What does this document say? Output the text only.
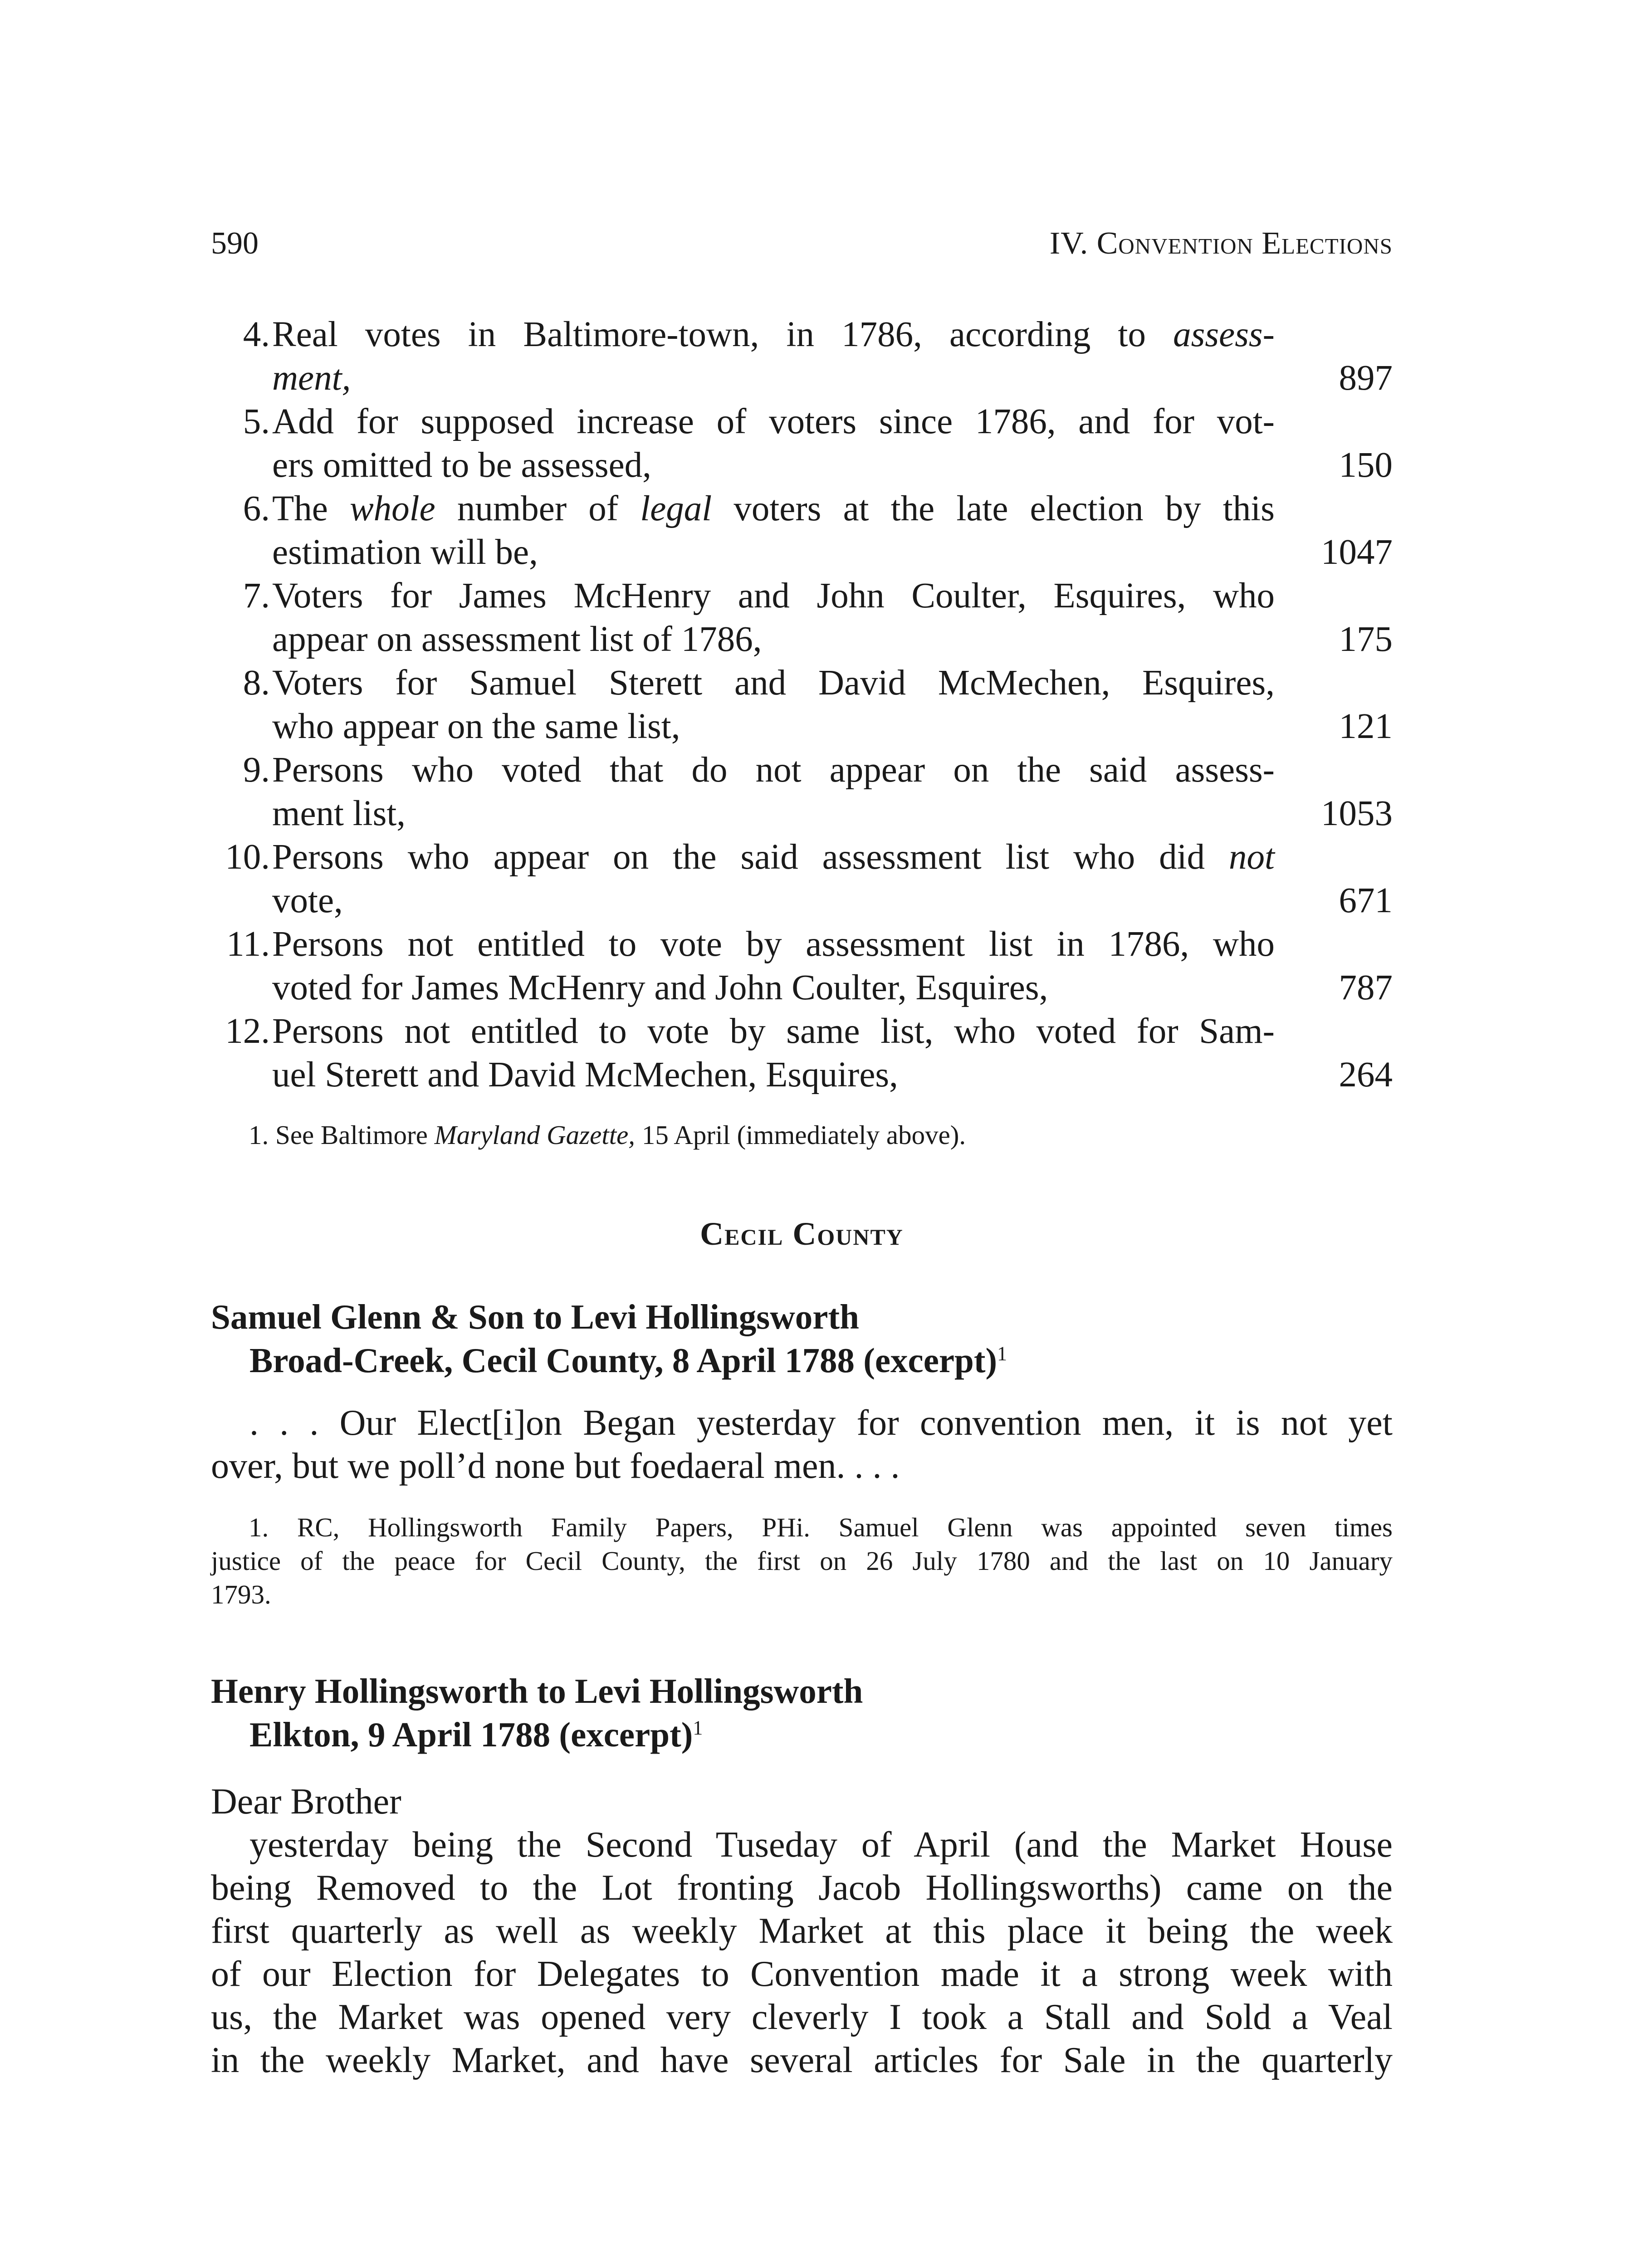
590	IV. Convention Elections
4. Real votes in Baltimore-town, in 1786, according to assess-
ment,	897
5. Add for supposed increase of voters since 1786, and for vot-
ers omitted to be assessed,	150
6. The whole number of legal voters at the late election by this
estimation will be,	1047
7. Voters for James McHenry and John Coulter, Esquires, who
appear on assessment list of 1786,	175
8. Voters for Samuel Sterett and David McMechen, Esquires,
who appear on the same list,	121
9. Persons who voted that do not appear on the said assess-
ment list,	1053
10. Persons who appear on the said assessment list who did not
vote,	671
11. Persons not entitled to vote by assessment list in 1786, who
voted for James McHenry and John Coulter, Esquires,	787
12. Persons not entitled to vote by same list, who voted for Sam-
uel Sterett and David McMechen, Esquires,	264
1. See Baltimore Maryland Gazette, 15 April (immediately above).
Cecil County
Samuel Glenn & Son to Levi Hollingsworth
Broad-Creek, Cecil County, 8 April 1788 (excerpt)$^1$
. . . Our Elect[i]on Began yesterday for convention men, it is not yet
over, but we poll’d none but foedaeral men. . . .
1. RC, Hollingsworth Family Papers, PHi. Samuel Glenn was appointed seven times
justice of the peace for Cecil County, the first on 26 July 1780 and the last on 10 January
1793.
Henry Hollingsworth to Levi Hollingsworth
Elkton, 9 April 1788 (excerpt)$^1$
Dear Brother
yesterday being the Second Tuseday of April (and the Market House
being Removed to the Lot fronting Jacob Hollingsworths) came on the
first quarterly as well as weekly Market at this place it being the week
of our Election for Delegates to Convention made it a strong week with
us, the Market was opened very cleverly I took a Stall and Sold a Veal
in the weekly Market, and have several articles for Sale in the quarterly
